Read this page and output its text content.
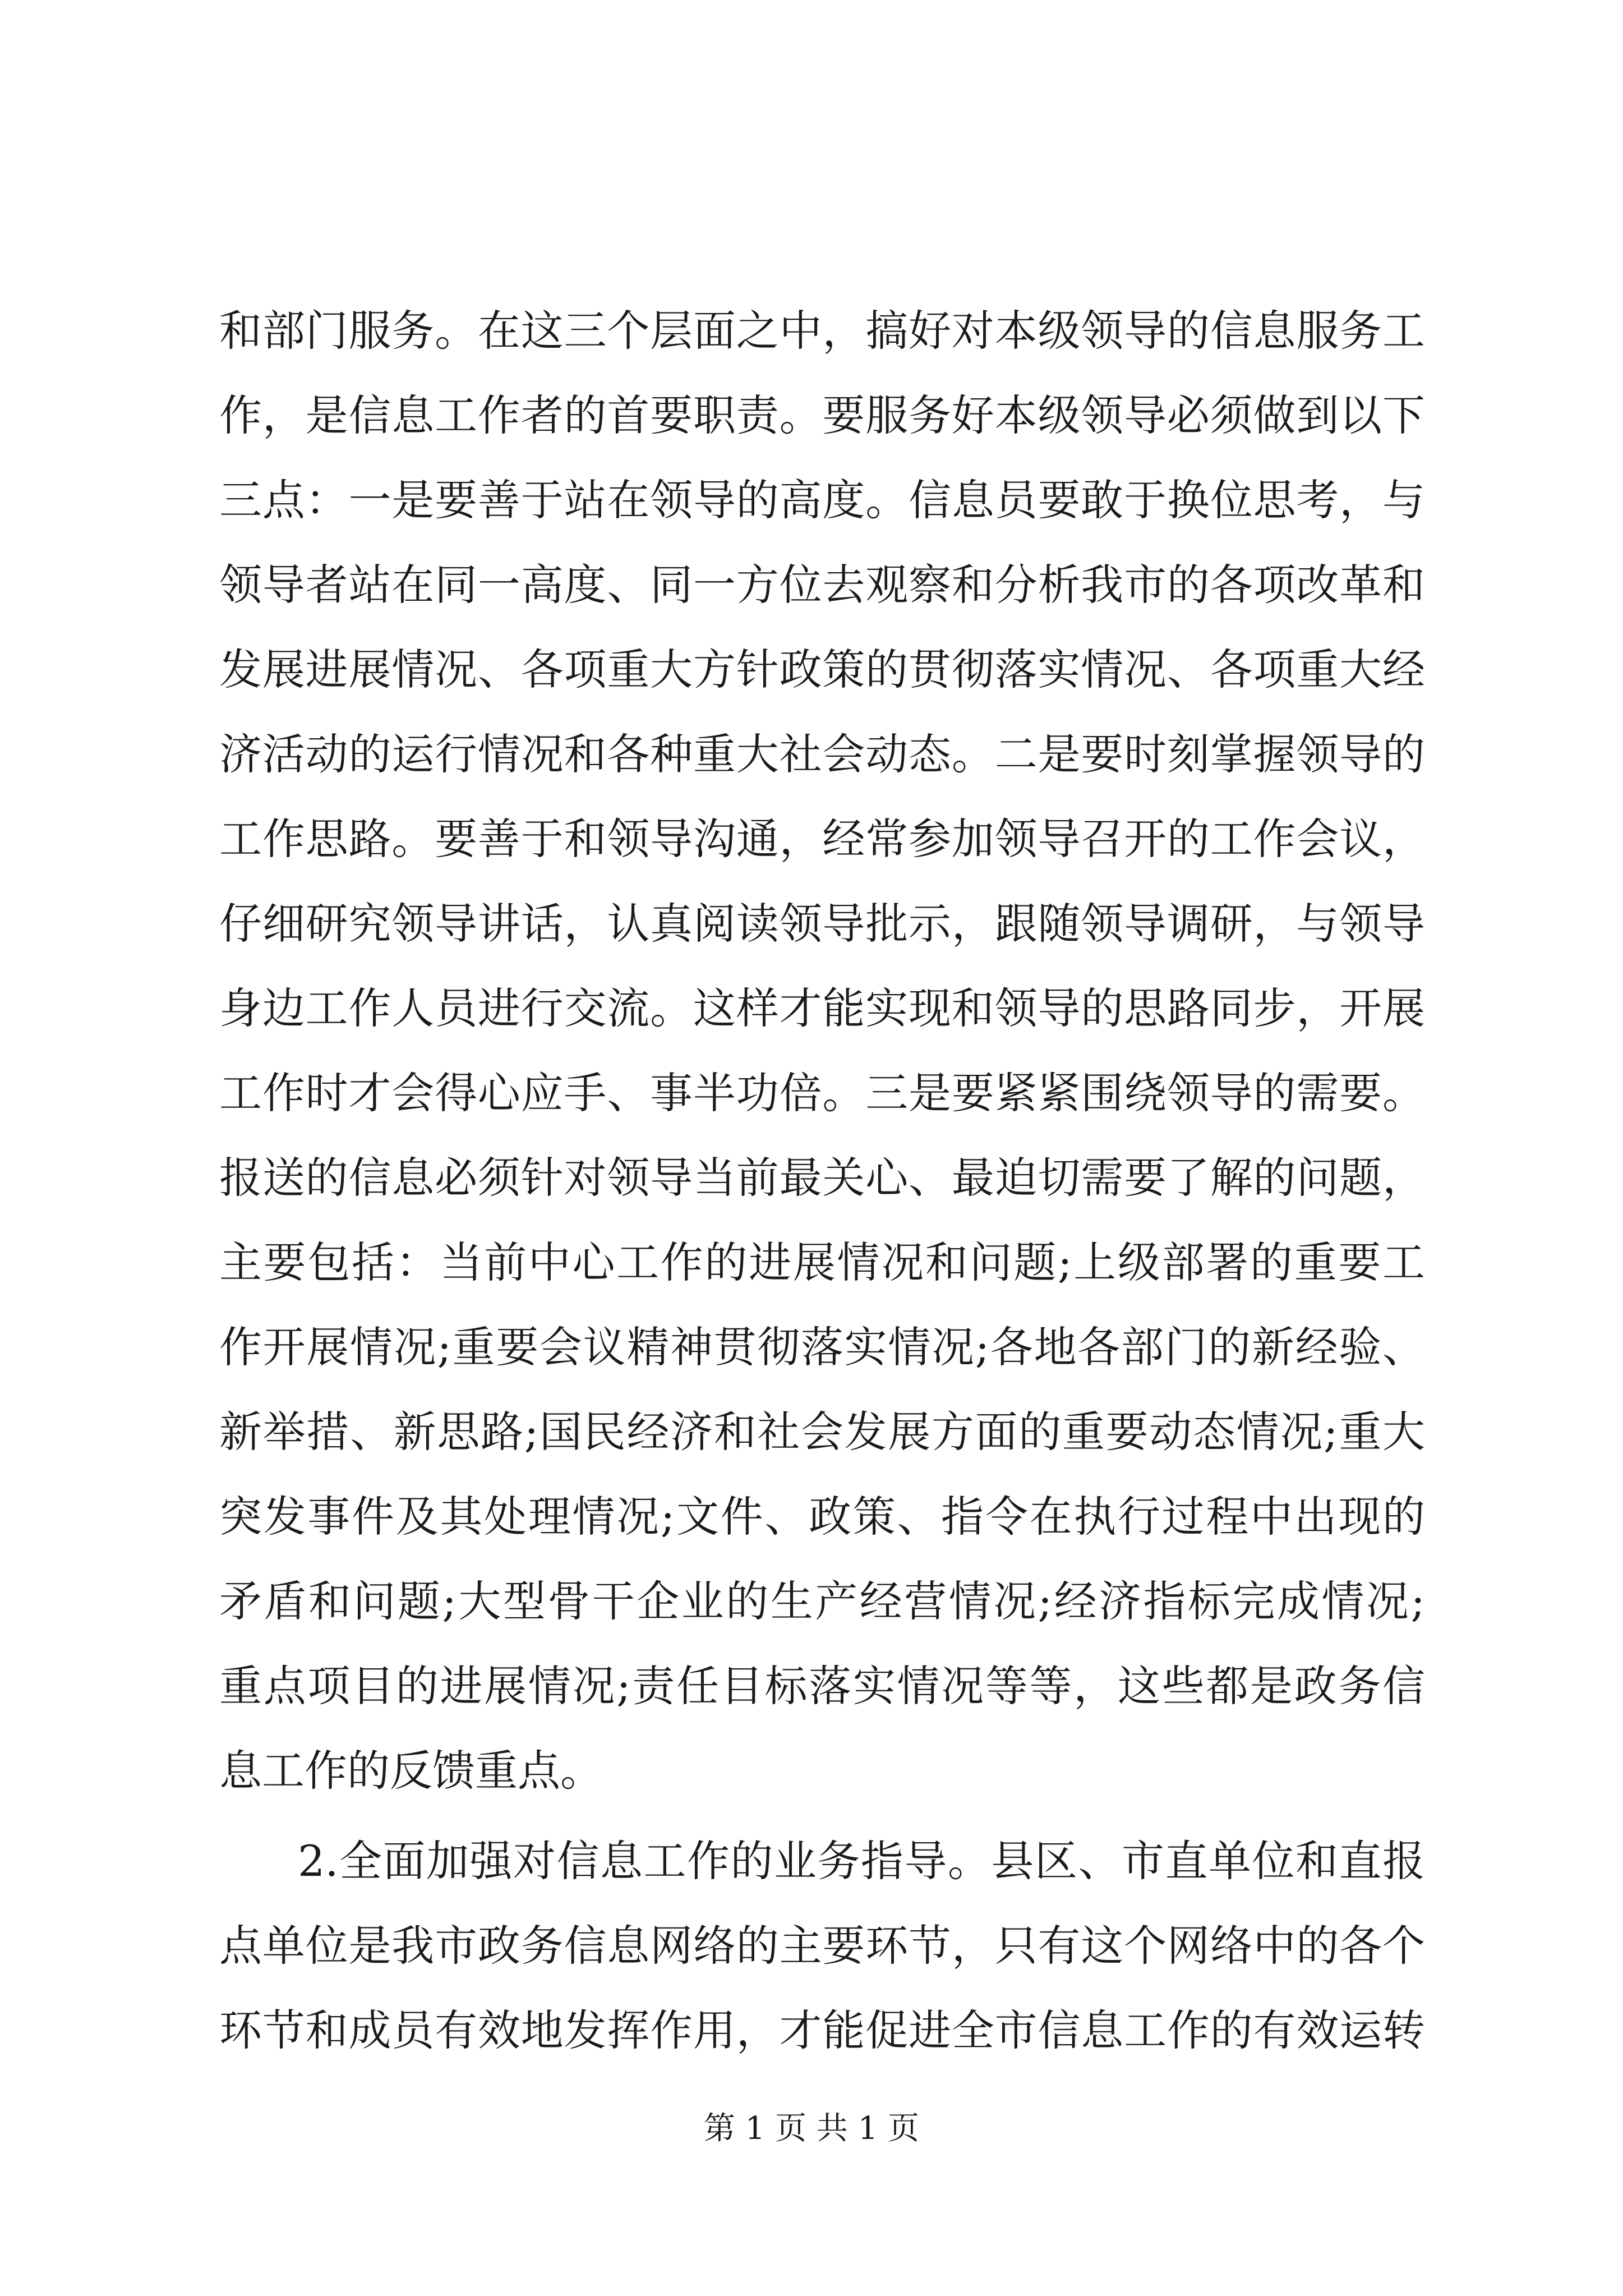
和部门服务。在这三个层面之中，搞好对本级领导的信息服务工
作，是信息工作者的首要职责。要服务好本级领导必须做到以下
三点：一是要善于站在领导的高度。信息员要敢于换位思考，与
领导者站在同一高度、同一方位去观察和分析我市的各项改革和
发展进展情况、各项重大方针政策的贯彻落实情况、各项重大经
济活动的运行情况和各种重大社会动态。二是要时刻掌握领导的
工作思路。要善于和领导沟通，经常参加领导召开的工作会议，
仔细研究领导讲话，认真阅读领导批示，跟随领导调研，与领导
身边工作人员进行交流。这样才能实现和领导的思路同步，开展
工作时才会得心应手、事半功倍。三是要紧紧围绕领导的需要。
报送的信息必须针对领导当前最关心、最迫切需要了解的问题，
主要包括：当前中心工作的进展情况和问题;上级部署的重要工
作开展情况;重要会议精神贯彻落实情况;各地各部门的新经验、
新举措、新思路;国民经济和社会发展方面的重要动态情况;重大
突发事件及其处理情况;文件、政策、指令在执行过程中出现的
矛盾和问题;大型骨干企业的生产经营情况;经济指标完成情况;
重点项目的进展情况;责任目标落实情况等等，这些都是政务信
息工作的反馈重点。
2.全面加强对信息工作的业务指导。县区、市直单位和直报
点单位是我市政务信息网络的主要环节，只有这个网络中的各个
环节和成员有效地发挥作用，才能促进全市信息工作的有效运转
第 1 页 共 1 页
